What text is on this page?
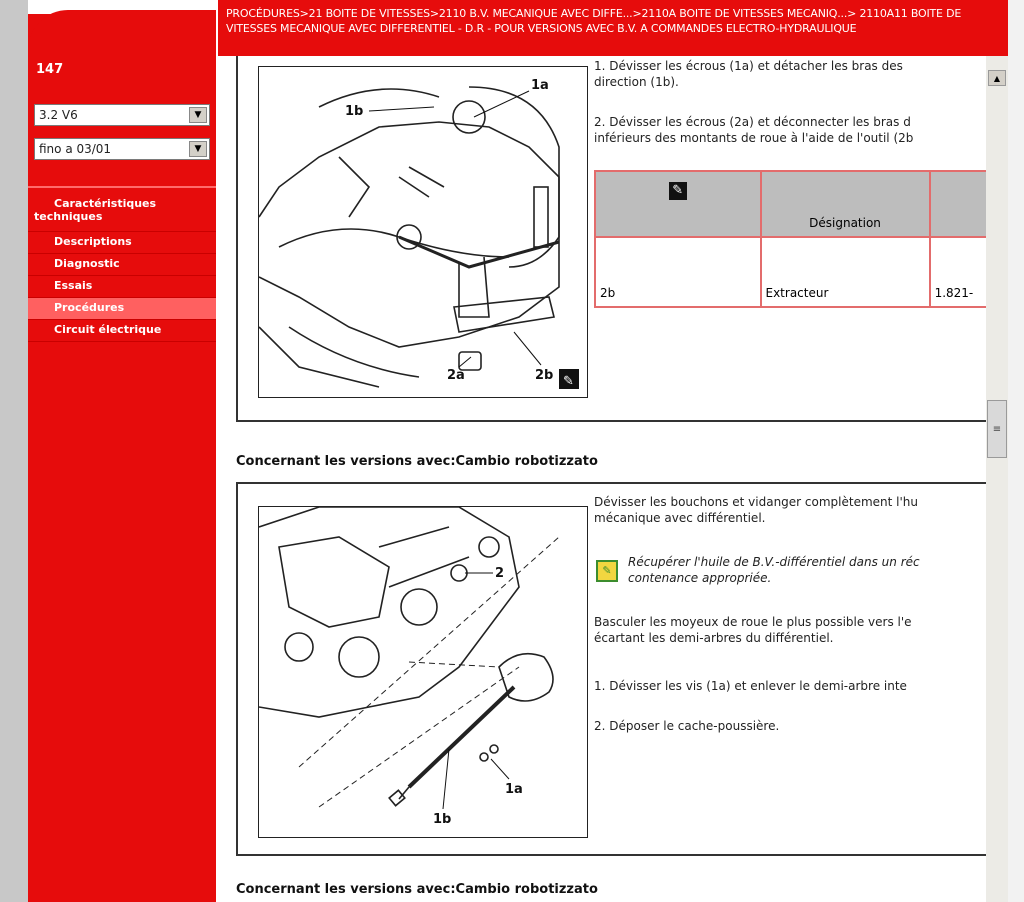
147
3.2 V6	▼
fino a 03/01	▼
Caractéristiques techniques
Descriptions
Diagnostic
Essais
Procédures
Circuit électrique
PROCÉDURES>21 BOITE DE VITESSES>2110 B.V. MECANIQUE AVEC DIFFE...>2110A BOITE DE VITESSES MECANIQ...> 2110A11 BOITE DE VITESSES MECANIQUE AVEC DIFFERENTIEL - D.R - POUR VERSIONS AVEC B.V. A COMMANDES ELECTRO-HYDRAULIQUE
1a
1b
2a	2b ✎
1. Dévisser les écrous (1a) et détacher les bras des
direction (1b).
2. Dévisser les écrous (2a) et déconnecter les bras d
inférieurs des montants de roue à l'aide de l'outil (2b
✎	Désignation	
2b	Extracteur	1.821-
Concernant les versions avec:Cambio robotizzato
2
1a
1b
Dévisser les bouchons et vidanger complètement l'hu
mécanique avec différentiel.
✎
Récupérer l'huile de B.V.-différentiel dans un réc
contenance appropriée.
Basculer les moyeux de roue le plus possible vers l'e
écartant les demi-arbres du différentiel.
1. Dévisser les vis (1a) et enlever le demi-arbre inte
2. Déposer le cache-poussière.
Concernant les versions avec:Cambio robotizzato
▲
≡
